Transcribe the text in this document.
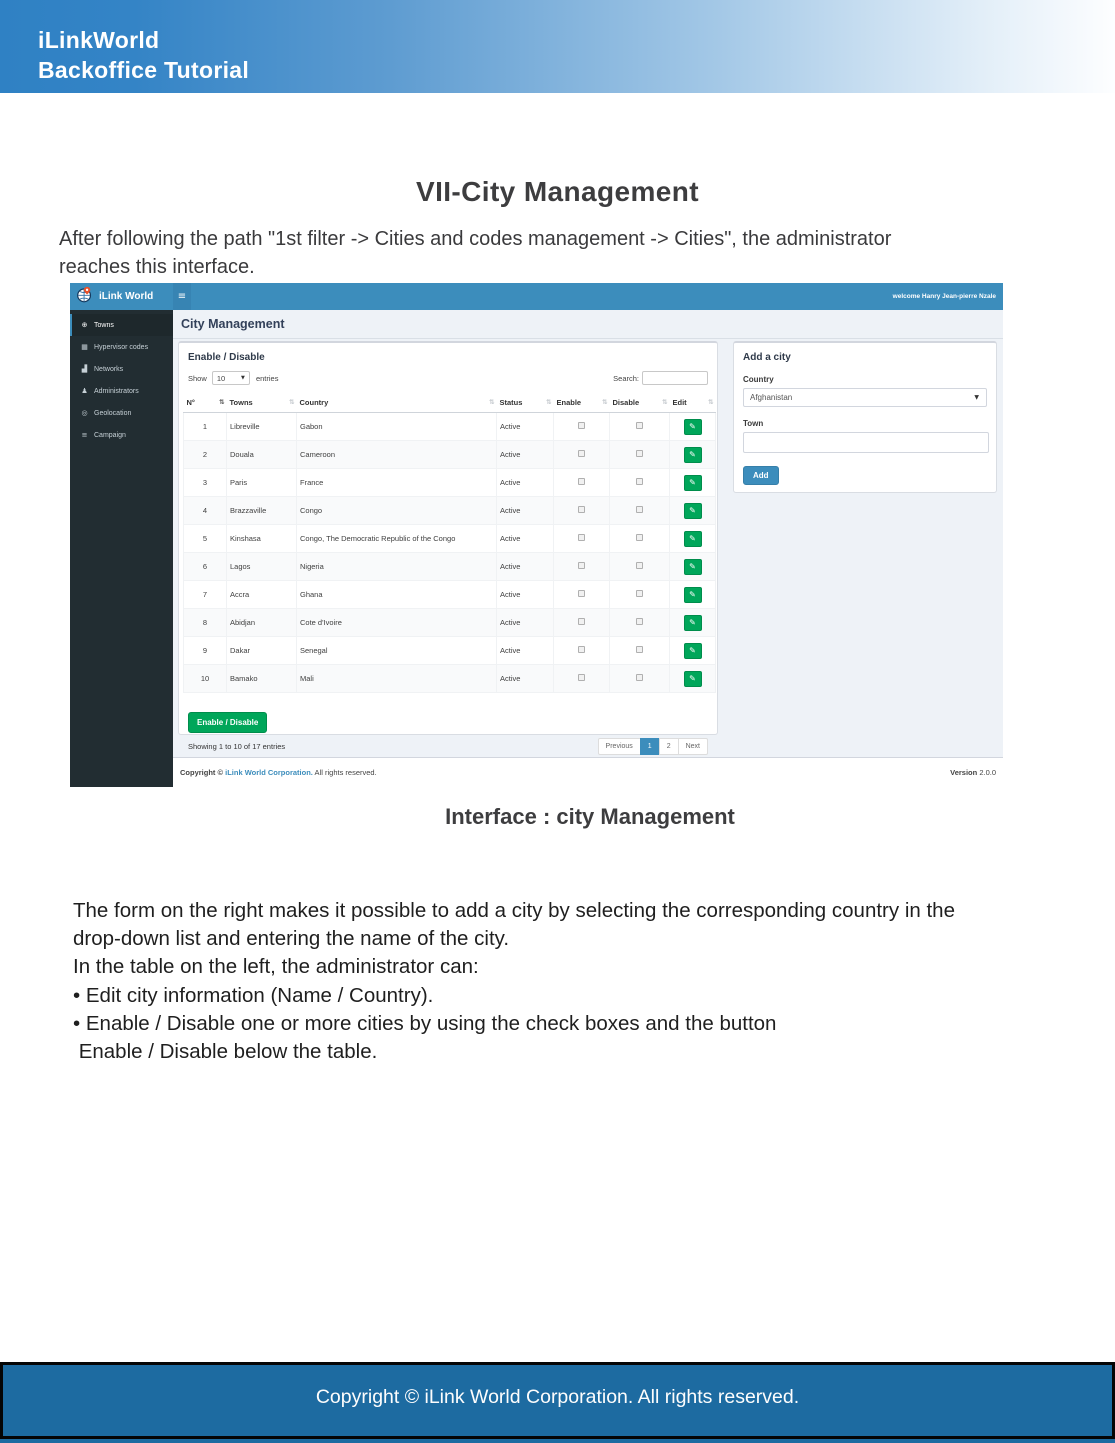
iLinkWorld
Backoffice Tutorial
VII-City Management
After following the path "1st filter -> Cities and codes management -> Cities", the administrator
reaches this interface.
iLink World	≡	welcome Hanry Jean-pierre Nzale
⊕ Towns
▦ Hypervisor codes
▟ Networks
♟ Administrators
◎ Geolocation
≡ Campaign
City Management
Enable / Disable
Show 10	▼ entries	Search:
N° ⇅	Towns ⇅	Country ⇅	Status ⇅	Enable ⇅	Disable ⇅	Edit ⇅

1	Libreville	Gabon	Active			✎
2	Douala	Cameroon	Active			✎
3	Paris	France	Active			✎
4	Brazzaville	Congo	Active			✎
5	Kinshasa	Congo, The Democratic Republic of the Congo	Active			✎
6	Lagos	Nigeria	Active			✎
7	Accra	Ghana	Active			✎
8	Abidjan	Cote d'Ivoire	Active			✎
9	Dakar	Senegal	Active			✎
10	Bamako	Mali	Active			✎
Showing 1 to 10 of 17 entries	Previous	1	2	Next
Enable / Disable
Add a city
Country
Afghanistan	▼
Town
Add
Copyright © iLink World Corporation. All rights reserved.	Version 2.0.0
Interface : city Management
The form on the right makes it possible to add a city by selecting the corresponding country in the
drop-down list and entering the name of the city.
In the table on the left, the administrator can:
• Edit city information (Name / Country).
• Enable / Disable one or more cities by using the check boxes and the button
Enable / Disable below the table.
Copyright © iLink World Corporation. All rights reserved.
